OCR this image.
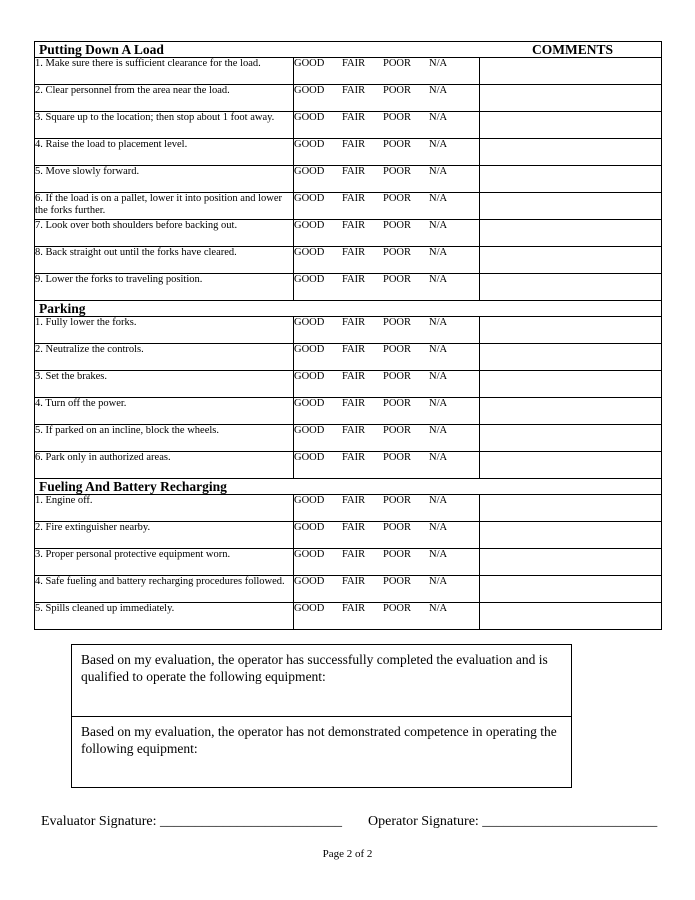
Putting Down A Load COMMENTS		

1. Make sure there is sufficient clearance for the load.	GOOD FAIR POOR N/A	
2. Clear personnel from the area near the load.	GOOD FAIR POOR N/A	
3. Square up to the location; then stop about 1 foot away.	GOOD FAIR POOR N/A	
4. Raise the load to placement level.	GOOD FAIR POOR N/A	
5. Move slowly forward.	GOOD FAIR POOR N/A	
6. If the load is on a pallet, lower it into position and lower the forks further.	GOOD FAIR POOR N/A	
7. Look over both shoulders before backing out.	GOOD FAIR POOR N/A	
8. Back straight out until the forks have cleared.	GOOD FAIR POOR N/A	
9. Lower the forks to traveling position.	GOOD FAIR POOR N/A	

Parking		

1. Fully lower the forks.	GOOD FAIR POOR N/A	
2. Neutralize the controls.	GOOD FAIR POOR N/A	
3. Set the brakes.	GOOD FAIR POOR N/A	
4. Turn off the power.	GOOD FAIR POOR N/A	
5. If parked on an incline, block the wheels.	GOOD FAIR POOR N/A	
6. Park only in authorized areas.	GOOD FAIR POOR N/A	

Fueling And Battery Recharging		

1. Engine off.	GOOD FAIR POOR N/A	
2. Fire extinguisher nearby.	GOOD FAIR POOR N/A	
3. Proper personal protective equipment worn.	GOOD FAIR POOR N/A	
4. Safe fueling and battery recharging procedures followed.	GOOD FAIR POOR N/A	
5. Spills cleaned up immediately.	GOOD FAIR POOR N/A	
Based on my evaluation, the operator has successfully completed the evaluation and is qualified to operate the following equipment:
Based on my evaluation, the operator has not demonstrated competence in operating the following equipment:
Evaluator Signature: __________________________ Operator Signature: _________________________
Page 2 of 2
